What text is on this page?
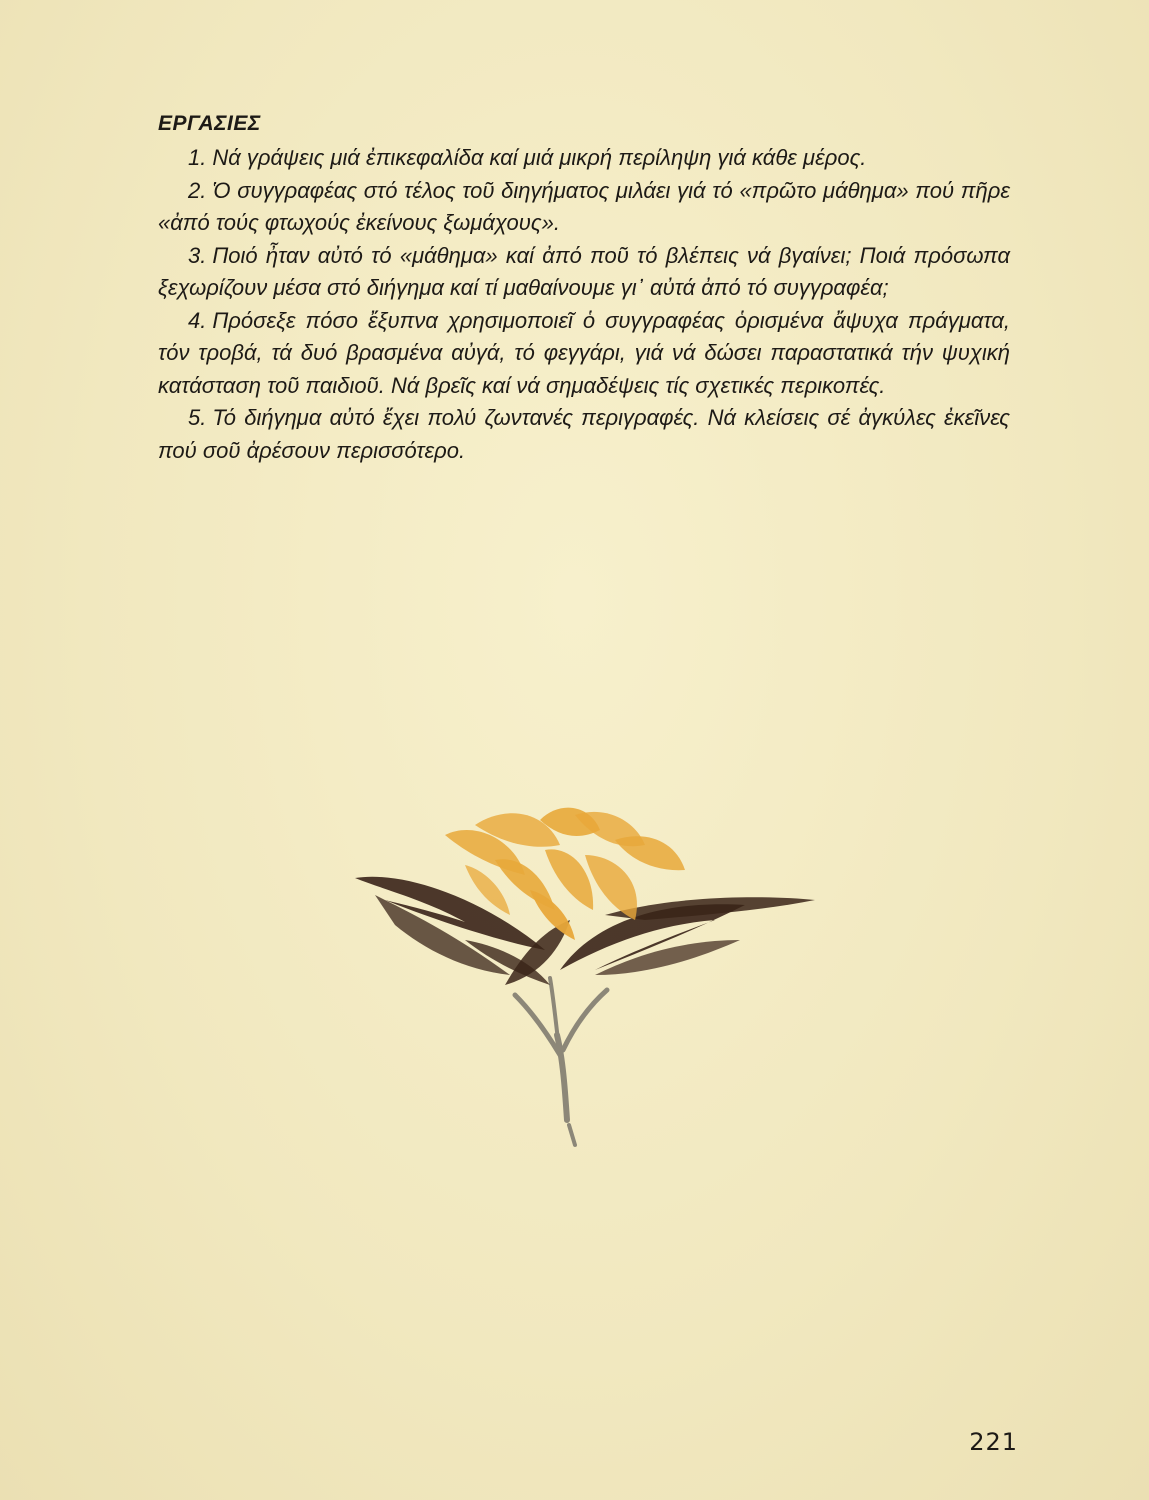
ΕΡΓΑΣΙΕΣ

1. Νά γράψεις μιά ἐπικεφαλίδα καί μιά μικρή περίληψη γιά κάθε μέρος.

2. Ὁ συγγραφέας στό τέλος τοῦ διηγήματος μιλάει γιά τό «πρῶτο μάθημα» πού πῆρε «ἀπό τούς φτωχούς ἐκείνους ξωμάχους».

3. Ποιό ἦταν αὐτό τό «μάθημα» καί ἀπό ποῦ τό βλέπεις νά βγαίνει; Ποιά πρόσωπα ξεχωρίζουν μέσα στό διήγημα καί τί μαθαίνουμε γι᾽ αὐτά ἀπό τό συγγραφέα;

4. Πρόσεξε πόσο ἔξυπνα χρησιμοποιεῖ ὁ συγγραφέας ὁρισμένα ἄψυχα πράγματα, τόν τροβά, τά δυό βρασμένα αὐγά, τό φεγγάρι, γιά νά δώσει παραστατικά τήν ψυχική κατάσταση τοῦ παιδιοῦ. Νά βρεῖς καί νά σημαδέψεις τίς σχετικές περικοπές.

5. Τό διήγημα αὐτό ἔχει πολύ ζωντανές περιγραφές. Νά κλείσεις σέ ἀγκύλες ἐκεῖνες πού σοῦ ἀρέσουν περισσότερο.

221
